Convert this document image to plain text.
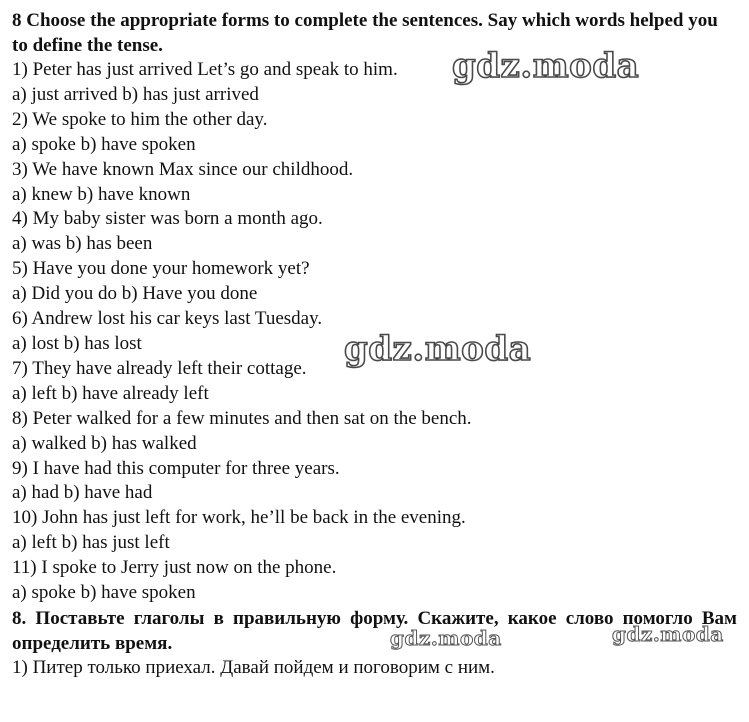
8 Choose the appropriate forms to complete the sentences. Say which words helped you to define the tense.

1) Peter has just arrived Let’s go and speak to him.

a) just arrived b) has just arrived

2) We spoke to him the other day.

a) spoke b) have spoken

3) We have known Max since our childhood.

a) knew b) have known

4) My baby sister was born a month ago.

a) was b) has been

5) Have you done your homework yet?

a) Did you do b) Have you done

6) Andrew lost his car keys last Tuesday.

a) lost b) has lost

7) They have already left their cottage.

a) left b) have already left

8) Peter walked for a few minutes and then sat on the bench.

a) walked b) has walked

9) I have had this computer for three years.

a) had b) have had

10) John has just left for work, he’ll be back in the evening.

a) left b) has just left

11) I spoke to Jerry just now on the phone.

a) spoke b) have spoken

8. Поставьте глаголы в правильную форму. Скажите, какое слово помогло Вам определить время.

1) Питер только приехал. Давай пойдем и поговорим с ним.

gdz.moda
gdz.moda
gdz.moda	gdz.moda
